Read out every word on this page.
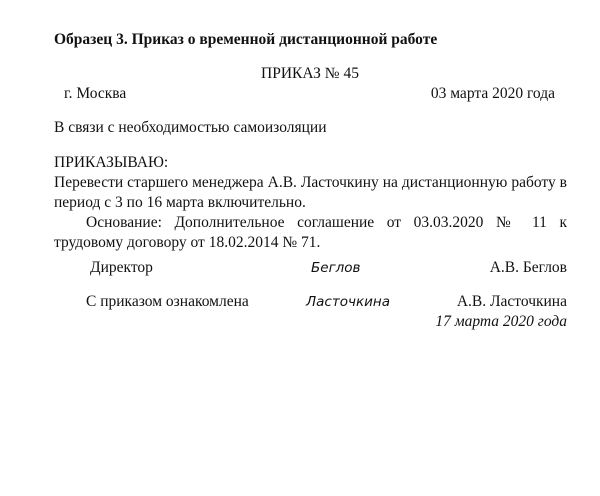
Образец 3. Приказ о временной дистанционной работе
ПРИКАЗ № 45
г. Москва	03 марта 2020 года
В связи с необходимостью самоизоляции

ПРИКАЗЫВАЮ:

Перевести старшего менеджера А.В. Ласточкину на дистанционную работу в период с 3 по 16 марта включительно.

Основание: Дополнительное соглашение от 03.03.2020 № 11 к трудовому договору от 18.02.2014 № 71.

Директор	Беглов	А.В. Беглов
С приказом ознакомлена	Ласточкина	А.В. Ласточкина
17 марта 2020 года
